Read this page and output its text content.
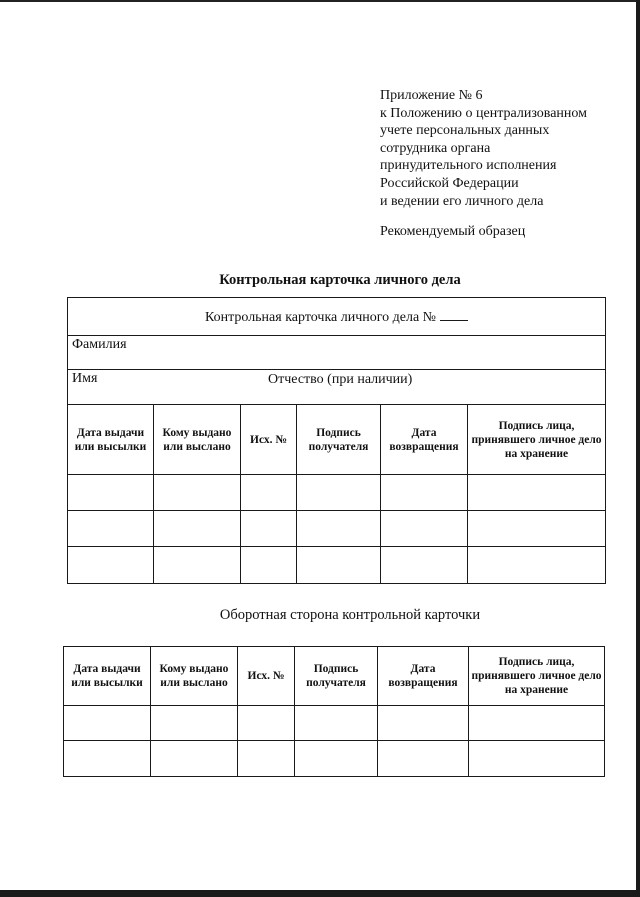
Приложение № 6
к Положению о централизованном
учете персональных данных
сотрудника органа
принудительного исполнения
Российской Федерации
и ведении его личного дела
Рекомендуемый образец
Контрольная карточка личного дела
Контрольная карточка личного дела №					
Фамилия					

Имя Отчество (при наличии)					

Дата выдачи или высылки	Кому выдано или выслано	Исх. №	Подпись получателя	Дата возвращения	Подпись лица, принявшего личное дело на хранение

Оборотная сторона контрольной карточки
Дата выдачи или высылки	Кому выдано или выслано	Исх. №	Подпись получателя	Дата возвращения	Подпись лица, принявшего личное дело на хранение
